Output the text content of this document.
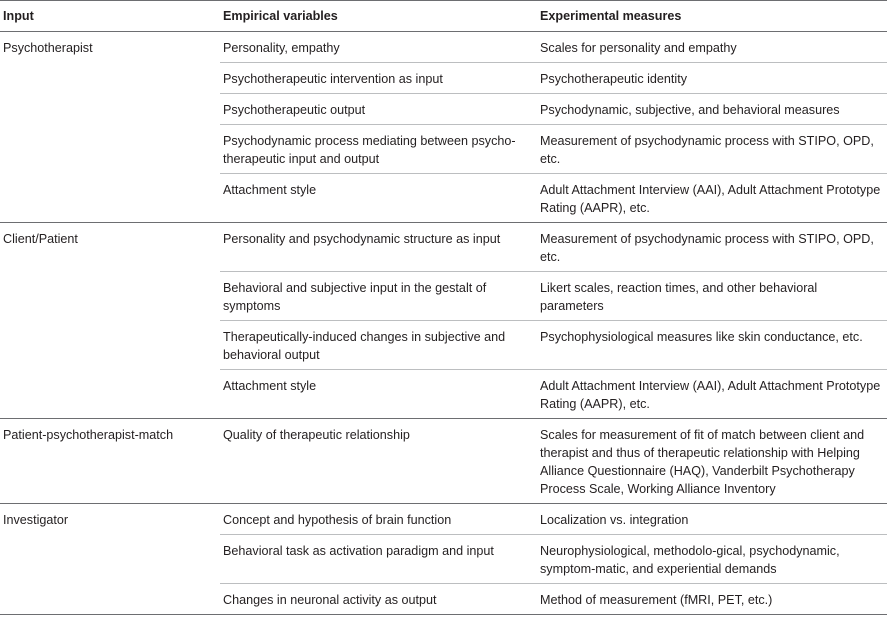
Input	Empirical variables	Experimental measures
Psychotherapist	Personality, empathy	Scales for personality and empathy
	Psychotherapeutic intervention as input	Psychotherapeutic identity
	Psychotherapeutic output	Psychodynamic, subjective, and behavioral measures
	Psychodynamic process mediating between psycho-therapeutic input and output	Measurement of psychodynamic process with STIPO, OPD, etc.
	Attachment style	Adult Attachment Interview (AAI), Adult Attachment Prototype Rating (AAPR), etc.
Client/Patient	Personality and psychodynamic structure as input	Measurement of psychodynamic process with STIPO, OPD, etc.
	Behavioral and subjective input in the gestalt of symptoms	Likert scales, reaction times, and other behavioral parameters
	Therapeutically-induced changes in subjective and behavioral output	Psychophysiological measures like skin conductance, etc.
	Attachment style	Adult Attachment Interview (AAI), Adult Attachment Prototype Rating (AAPR), etc.
Patient-psychotherapist-match	Quality of therapeutic relationship	Scales for measurement of fit of match between client and therapist and thus of therapeutic relationship with Helping Alliance Questionnaire (HAQ), Vanderbilt Psychotherapy Process Scale, Working Alliance Inventory
Investigator	Concept and hypothesis of brain function	Localization vs. integration
	Behavioral task as activation paradigm and input	Neurophysiological, methodolo-gical, psychodynamic, symptom-matic, and experiential demands
	Changes in neuronal activity as output	Method of measurement (fMRI, PET, etc.)
